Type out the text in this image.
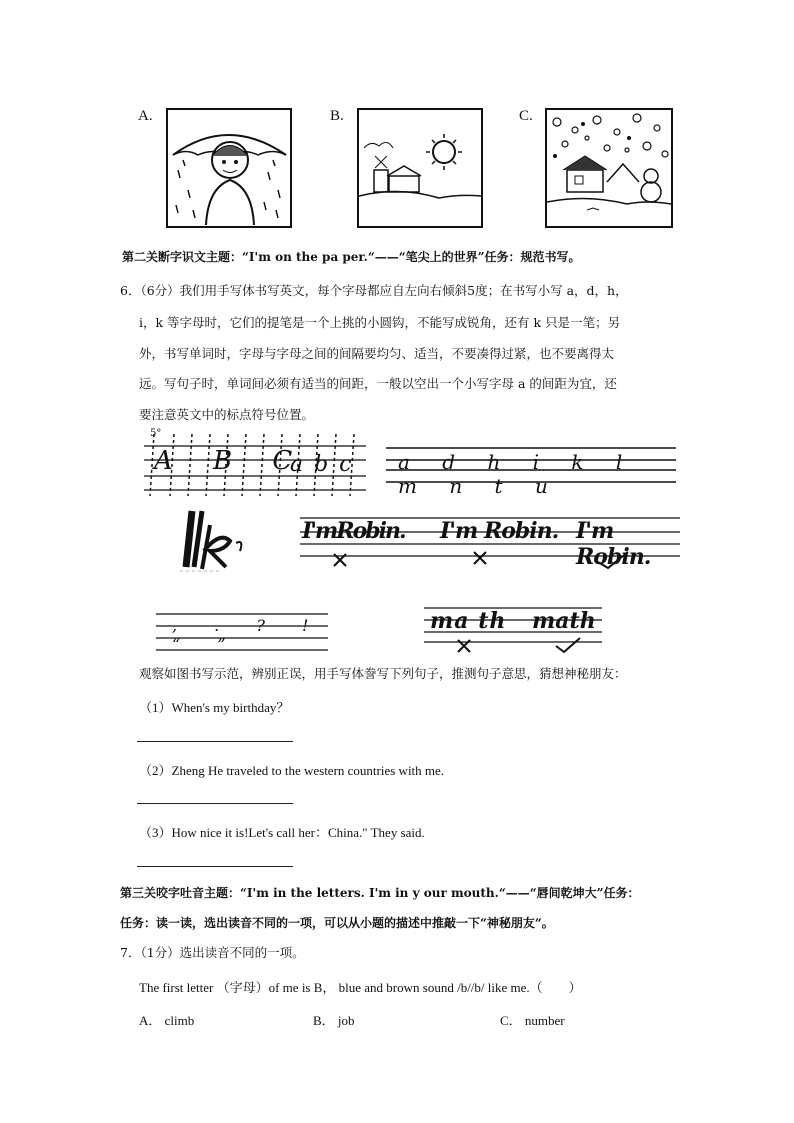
A.	B.	C.
第二关断字识文主题：“I'm on the pa per.“——“笔尖上的世界”任务：规范书写。
6．（6分）我们用手写体书写英文，每个字母都应自左向右倾斜5度；在书写小写 a，d，h，
i，k 等字母时，它们的提笔是一个上挑的小圆钩，不能写成锐角，还有 k 只是一笔；另
外，书写单词时，字母与字母之间的间隔要均匀、适当，不要凑得过紧，也不要离得太
远。写句子时，单词间必须有适当的间距，一般以空出一个小写字母 a 的间距为宜，还
要注意英文中的标点符号位置。
5°
A B C
a b c a d h i k l m n t u
I'mRobin. I'm Robin. I'm Robin.
, . ? ! “ ”
ma th math
观察如图书写示范，辨别正误，用手写体誊写下列句子，推测句子意思，猜想神秘朋友：
（1）When's my birthday？
（2）Zheng He traveled to the western countries with me.
（3）How nice it is!Let's call her：China." They said.
第三关咬字吐音主题：“I'm in the letters. I'm in y our mouth.“——“唇间乾坤大”任务：
任务：读一读，选出读音不同的一项，可以从小题的描述中推敲一下“神秘朋友“。
7．（1分）选出读音不同的一项。
The first letter （字母）of me is B， blue and brown sound /b//b/ like me.（　　）
A． climb	B． job	C． number
